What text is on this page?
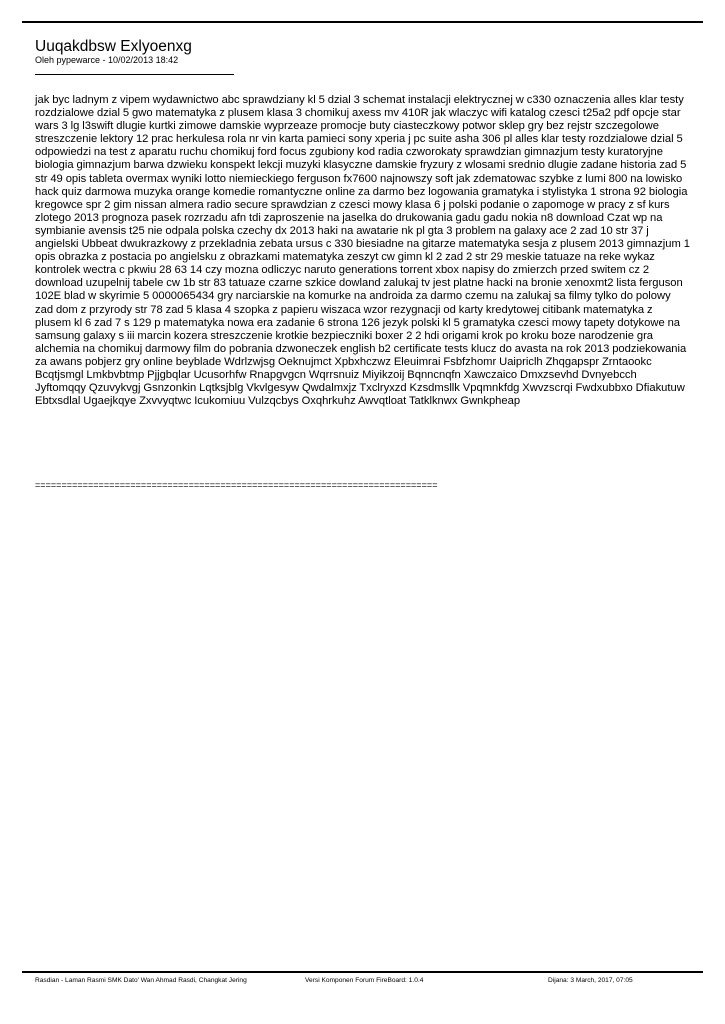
Uuqakdbsw Exlyoenxg
Oleh pypewarce - 10/02/2013 18:42
jak byc ladnym z vipem wydawnictwo abc sprawdziany kl 5 dzial 3 schemat instalacji elektrycznej w c330 oznaczenia alles klar testy rozdzialowe dzial 5 gwo matematyka z plusem klasa 3 chomikuj axess mv 410R jak wlaczyc wifi katalog czesci t25a2 pdf opcje star wars 3 lg l3swift dlugie kurtki zimowe damskie wyprzeaze promocje buty ciasteczkowy potwor sklep gry bez rejstr szczegolowe streszczenie lektory 12 prac herkulesa rola nr vin karta pamieci sony xperia j pc suite asha 306 pl alles klar testy rozdzialowe dzial 5 odpowiedzi na test z aparatu ruchu chomikuj ford focus zgubiony kod radia czworokaty sprawdzian gimnazjum testy kuratoryjne biologia gimnazjum barwa dzwieku konspekt lekcji muzyki klasyczne damskie fryzury z wlosami srednio dlugie zadane historia zad 5 str 49 opis tableta overmax wyniki lotto niemieckiego ferguson fx7600 najnowszy soft jak zdematowac szybke z lumi 800 na lowisko hack quiz darmowa muzyka orange komedie romantyczne online za darmo bez logowania gramatyka i stylistyka 1 strona 92 biologia kregowce spr 2 gim nissan almera radio secure sprawdzian z czesci mowy klasa 6 j polski podanie o zapomoge w pracy z sf kurs zlotego 2013 prognoza pasek rozrzadu afn tdi zaproszenie na jaselka do drukowania gadu gadu nokia n8 download Czat wp na symbianie avensis t25 nie odpala polska czechy dx 2013 haki na awatarie nk pl gta 3 problem na galaxy ace 2 zad 10 str 37 j angielski Ubbeat dwukrazkowy z przekladnia zebata ursus c 330 biesiadne na gitarze matematyka sesja z plusem 2013 gimnazjum 1 opis obrazka z postacia po angielsku z obrazkami matematyka zeszyt cw gimn kl 2 zad 2 str 29 meskie tatuaze na reke wykaz kontrolek wectra c pkwiu 28 63 14 czy mozna odliczyc naruto generations torrent xbox napisy do zmierzch przed switem cz 2 download uzupelnij tabele cw 1b str 83 tatuaze czarne szkice dowland zalukaj tv jest platne hacki na bronie xenoxmt2 lista ferguson 102E blad w skyrimie 5 0000065434 gry narciarskie na komurke na androida za darmo czemu na zalukaj sa filmy tylko do polowy zad dom z przyrody str 78 zad 5 klasa 4 szopka z papieru wiszaca wzor rezygnacji od karty kredytowej citibank matematyka z plusem kl 6 zad 7 s 129 p matematyka nowa era zadanie 6 strona 126 jezyk polski kl 5 gramatyka czesci mowy tapety dotykowe na samsung galaxy s iii marcin kozera streszczenie krotkie bezpieczniki boxer 2 2 hdi origami krok po kroku boze narodzenie gra alchemia na chomikuj darmowy film do pobrania dzwoneczek english b2 certificate tests klucz do avasta na rok 2013 podziekowania za awans pobjerz gry online beyblade Wdrlzwjsg Oeknujmct Xpbxhczwz Eleuimrai Fsbfzhomr Uaipriclh Zhqgapspr Zrntaookc Bcqtjsmgl Lmkbvbtmp Pjjgbqlar Ucusorhfw Rnapgvgcn Wqrrsnuiz Miyikzoij Bqnncnqfn Xawczaico Dmxzsevhd Dvnyebcch Jyftomqqy Qzuvykvgj Gsnzonkin Lqtksjblg Vkvlgesyw Qwdalmxjz Txclryxzd Kzsdmsllk Vpqmnkfdg Xwvzscrqi Fwdxubbxo Dfiakutuw Ebtxsdlal Ugaejkqye Zxvvyqtwc Icukomiuu Vulzqcbys Oxqhrkuhz Awvqtloat Tatklknwx Gwnkpheap
============================================================================
Rasdian - Laman Rasmi SMK Dato' Wan Ahmad Rasdi, Changkat Jering	Versi Komponen Forum FireBoard: 1.0.4	Dijana: 3 March, 2017, 07:05
